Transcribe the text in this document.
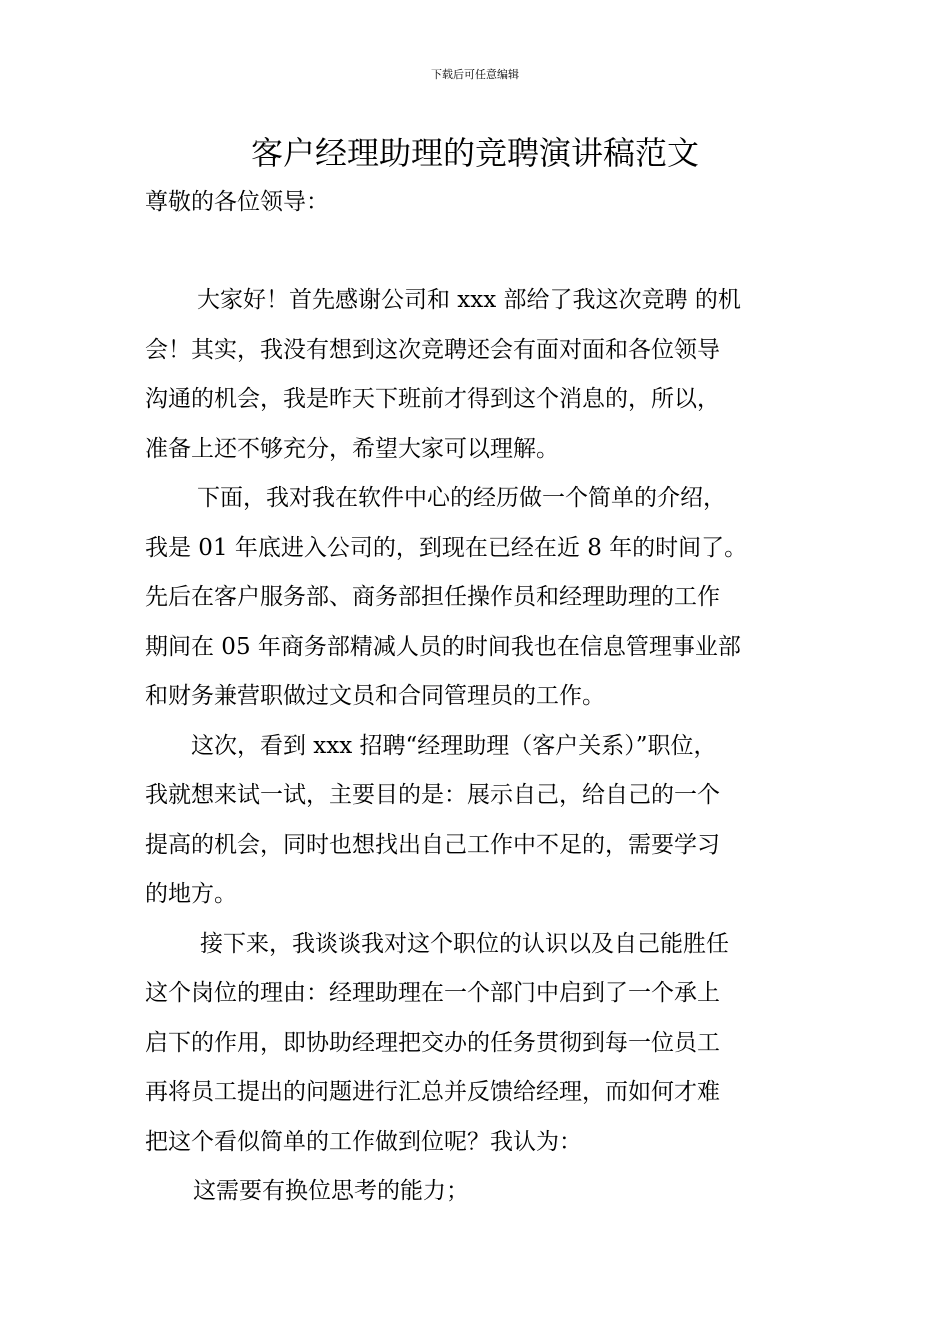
下载后可任意编辑
客户经理助理的竞聘演讲稿范文
尊敬的各位领导：
大家好！首先感谢公司和 xxx 部给了我这次竞聘 的机
会！其实，我没有想到这次竞聘还会有面对面和各位领导
沟通的机会，我是昨天下班前才得到这个消息的，所以，
准备上还不够充分，希望大家可以理解。
下面，我对我在软件中心的经历做一个简单的介绍，
我是 01 年底进入公司的，到现在已经在近 8 年的时间了。
先后在客户服务部、商务部担任操作员和经理助理的工作
期间在 05 年商务部精减人员的时间我也在信息管理事业部
和财务兼营职做过文员和合同管理员的工作。
这次，看到 xxx 招聘“经理助理（客户关系）”职位，
我就想来试一试，主要目的是：展示自己，给自己的一个
提高的机会，同时也想找出自己工作中不足的，需要学习
的地方。
接下来，我谈谈我对这个职位的认识以及自己能胜任
这个岗位的理由：经理助理在一个部门中启到了一个承上
启下的作用，即协助经理把交办的任务贯彻到每一位员工
再将员工提出的问题进行汇总并反馈给经理，而如何才难
把这个看似简单的工作做到位呢？我认为：
这需要有换位思考的能力；
